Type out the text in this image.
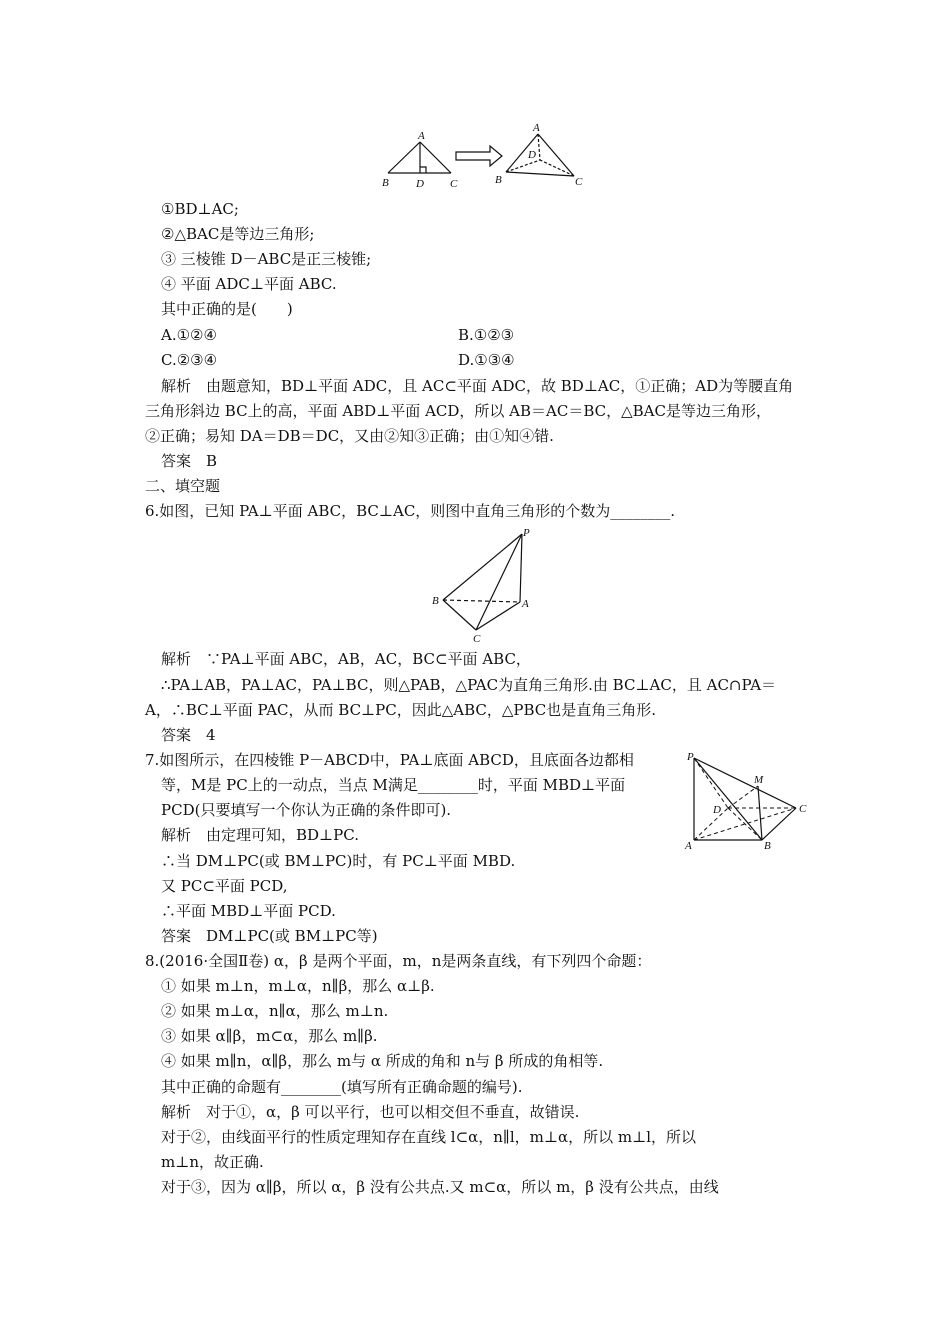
A
B D C
A
D
B	C
①BD⊥AC;
②△BAC是等边三角形;
③ 三棱锥 D－ABC是正三棱锥;
④ 平面 ADC⊥平面 ABC.
其中正确的是(　　)
A.①②④	B.①②③
C.②③④	D.①③④
解析　由题意知，BD⊥平面 ADC，且 AC⊂平面 ADC，故 BD⊥AC，①正确；AD为等腰直角
三角形斜边 BC上的高，平面 ABD⊥平面 ACD，所以 AB＝AC＝BC，△BAC是等边三角形，
②正确；易知 DA＝DB＝DC，又由②知③正确；由①知④错.
答案　B
二、填空题
6.如图，已知 PA⊥平面 ABC，BC⊥AC，则图中直角三角形的个数为________.
P
B	A
C
解析　∵PA⊥平面 ABC，AB，AC，BC⊂平面 ABC，
∴PA⊥AB，PA⊥AC，PA⊥BC，则△PAB，△PAC为直角三角形.由 BC⊥AC，且 AC∩PA＝
A，∴BC⊥平面 PAC，从而 BC⊥PC，因此△ABC，△PBC也是直角三角形.
答案　4
7.如图所示，在四棱锥 P－ABCD中，PA⊥底面 ABCD，且底面各边都相
等，M是 PC上的一动点，当点 M满足________时，平面 MBD⊥平面
PCD(只要填写一个你认为正确的条件即可).
解析　由定理可知，BD⊥PC.
∴当 DM⊥PC(或 BM⊥PC)时，有 PC⊥平面 MBD.
又 PC⊂平面 PCD,
∴平面 MBD⊥平面 PCD.
答案　DM⊥PC(或 BM⊥PC等)
P
M
D	C
A	B
8.(2016·全国Ⅱ卷) α，β 是两个平面，m，n是两条直线，有下列四个命题：
① 如果 m⊥n，m⊥α，n∥β，那么 α⊥β.
② 如果 m⊥α，n∥α，那么 m⊥n.
③ 如果 α∥β，m⊂α，那么 m∥β.
④ 如果 m∥n，α∥β，那么 m与 α 所成的角和 n与 β 所成的角相等.
其中正确的命题有________(填写所有正确命题的编号).
解析　对于①，α，β 可以平行，也可以相交但不垂直，故错误.
对于②，由线面平行的性质定理知存在直线 l⊂α，n∥l，m⊥α，所以 m⊥l，所以
m⊥n，故正确.
对于③，因为 α∥β，所以 α，β 没有公共点.又 m⊂α，所以 m，β 没有公共点，由线
